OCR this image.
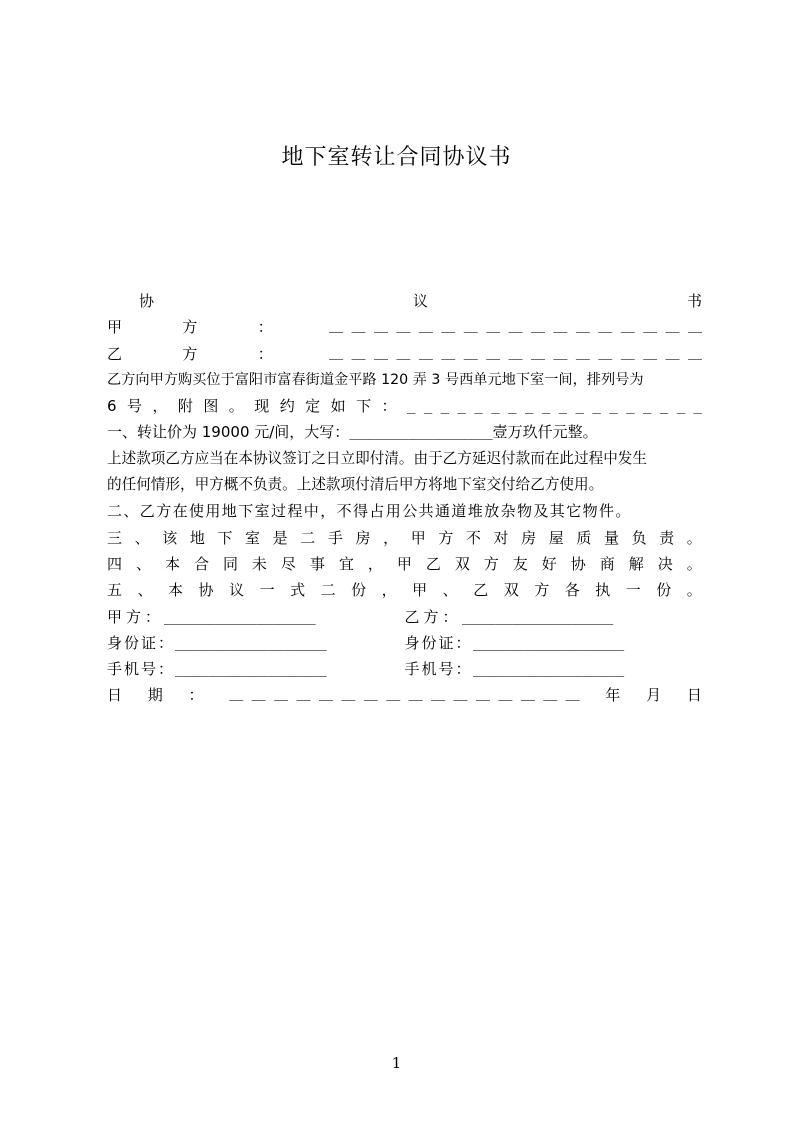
地下室转让合同协议书
协	议	书
甲	方	：	＿ ＿ ＿ ＿ ＿ ＿ ＿ ＿ ＿ ＿ ＿ ＿ ＿ ＿ ＿ ＿ ＿
乙	方	：	＿ ＿ ＿ ＿ ＿ ＿ ＿ ＿ ＿ ＿ ＿ ＿ ＿ ＿ ＿ ＿ ＿
乙方向甲方购买位于富阳市富春街道金平路 120 弄 3 号西单元地下室一间，排列号为
6 号 ， 附 图 。 现 约 定 如 下 ： _ _ _ _ _ _ _ _ _ _ _ _ _ _ _ _ _ _
一、转让价为 19000 元/间，大写： _________________ 壹万玖仟元整。
上述款项乙方应当在本协议签订之日立即付清。由于乙方延迟付款而在此过程中发生
的任何情形，甲方概不负责。上述款项付清后甲方将地下室交付给乙方使用。
二、乙方在使用地下室过程中，不得占用公共通道堆放杂物及其它物件。
三 、 该 地 下 室 是 二 手 房 ， 甲 方 不 对 房 屋 质 量 负 责 。
四 、 本 合 同 未 尽 事 宜 ， 甲 乙 双 方 友 好 协 商 解 决 。
五 、 本 协 议 一 式 二 份 ， 甲 、 乙 双 方 各 执 一 份 。
甲方： __________________	乙方： __________________
身份证： __________________	身份证： __________________
手机号： __________________	手机号： __________________
日 期 ： ＿ ＿ ＿ ＿ ＿ ＿ ＿ ＿ ＿ ＿ ＿ ＿ ＿ ＿ ＿ ＿ 年 月 日
1
